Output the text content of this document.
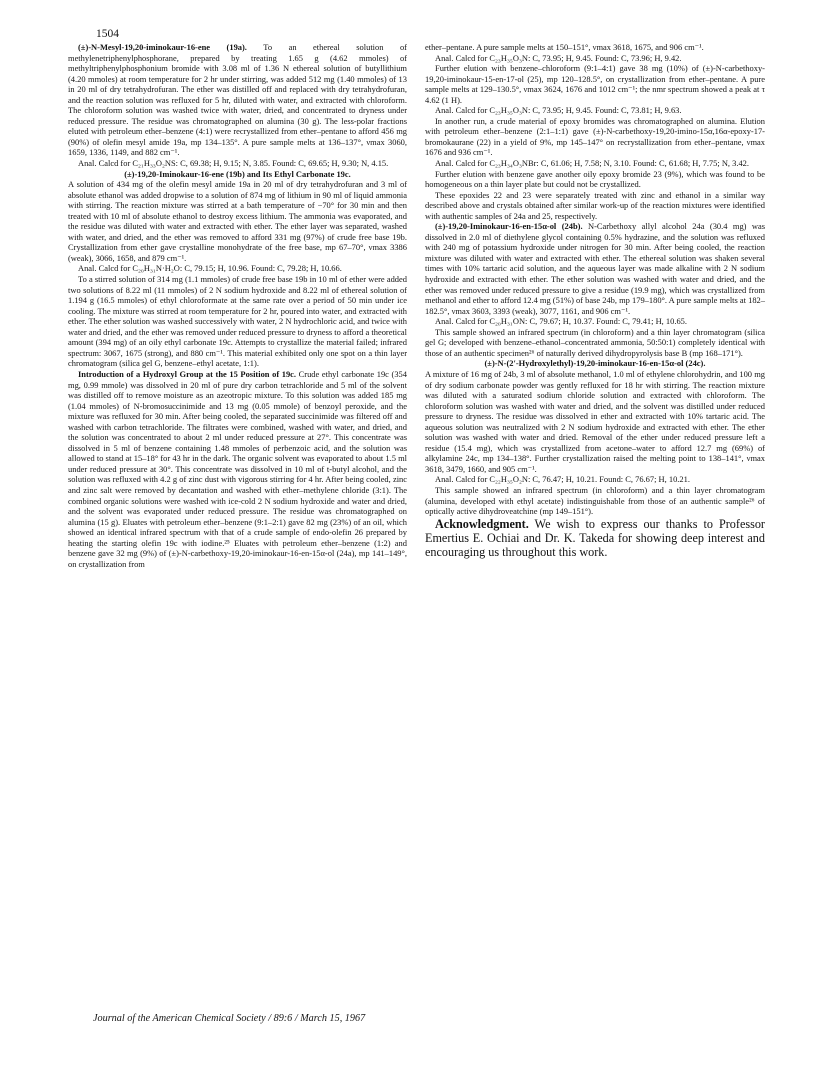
1504

(±)-N-Mesyl-19,20-iminokaur-16-ene (19a). To an ethereal solution of methylenetriphenylphosphorane, prepared by treating 1.65 g (4.62 mmoles) of methyltriphenylphosphonium bromide with 3.08 ml of 1.36 N ethereal solution of butyllithium (4.20 mmoles) at room temperature for 2 hr under stirring, was added 512 mg (1.40 mmoles) of 13 in 20 ml of dry tetrahydrofuran. The ether was distilled off and replaced with dry tetrahydrofuran, and the reaction solution was refluxed for 5 hr, diluted with water, and extracted with chloroform. The chloroform solution was washed twice with water, dried, and concentrated to dryness under reduced pressure. The residue was chromatographed on alumina (30 g). The less-polar fractions eluted with petroleum ether–benzene (4:1) were recrystallized from ether–pentane to afford 456 mg (90%) of olefin mesyl amide 19a, mp 134–135°. A pure sample melts at 136–137°, νmax 3060, 1659, 1336, 1149, and 882 cm⁻¹.

Anal. Calcd for C₂₁H₃₃O₂NS: C, 69.38; H, 9.15; N, 3.85. Found: C, 69.65; H, 9.30; N, 4.15.

(±)-19,20-Iminokaur-16-ene (19b) and Its Ethyl Carbonate 19c.

A solution of 434 mg of the olefin mesyl amide 19a in 20 ml of dry tetrahydrofuran and 3 ml of absolute ethanol was added dropwise to a solution of 874 mg of lithium in 90 ml of liquid ammonia with stirring. The reaction mixture was stirred at a bath temperature of −70° for 30 min and then treated with 10 ml of absolute ethanol to destroy excess lithium. The ammonia was evaporated, and the residue was diluted with water and extracted with ether. The ether layer was separated, washed with water, and dried, and the ether was removed to afford 331 mg (97%) of crude free base 19b. Crystallization from ether gave crystalline monohydrate of the free base, mp 67–70°, νmax 3386 (weak), 3066, 1658, and 879 cm⁻¹.

Anal. Calcd for C₂₀H₃₁N·H₂O: C, 79.15; H, 10.96. Found: C, 79.28; H, 10.66.

To a stirred solution of 314 mg (1.1 mmoles) of crude free base 19b in 10 ml of ether were added two solutions of 8.22 ml (11 mmoles) of 2 N sodium hydroxide and 8.22 ml of ethereal solution of 1.194 g (16.5 mmoles) of ethyl chloroformate at the same rate over a period of 50 min under ice cooling. The mixture was stirred at room temperature for 2 hr, poured into water, and extracted with ether. The ether solution was washed successively with water, 2 N hydrochloric acid, and twice with water and dried, and the ether was removed under reduced pressure to dryness to afford a theoretical amount (394 mg) of an oily ethyl carbonate 19c. Attempts to crystallize the material failed; infrared spectrum: 3067, 1675 (strong), and 880 cm⁻¹. This material exhibited only one spot on a thin layer chromatogram (silica gel G, benzene–ethyl acetate, 1:1).

Introduction of a Hydroxyl Group at the 15 Position of 19c. Crude ethyl carbonate 19c (354 mg, 0.99 mmole) was dissolved in 20 ml of pure dry carbon tetrachloride and 5 ml of the solvent was distilled off to remove moisture as an azeotropic mixture. To this solution was added 185 mg (1.04 mmoles) of N-bromosuccinimide and 13 mg (0.05 mmole) of benzoyl peroxide, and the mixture was refluxed for 30 min. After being cooled, the separated succinimide was filtered off and washed with carbon tetrachloride. The filtrates were combined, washed with water, and dried, and the solution was concentrated to about 2 ml under reduced pressure at 27°. This concentrate was dissolved in 5 ml of benzene containing 1.48 mmoles of perbenzoic acid, and the solution was allowed to stand at 15–18° for 43 hr in the dark. The organic solvent was evaporated to about 1.5 ml under reduced pressure at 30°. This concentrate was dissolved in 10 ml of t-butyl alcohol, and the solution was refluxed with 4.2 g of zinc dust with vigorous stirring for 4 hr. After being cooled, zinc and zinc salt were removed by decantation and washed with ether–methylene chloride (3:1). The combined organic solutions were washed with ice-cold 2 N sodium hydroxide and water and dried, and the solvent was evaporated under reduced pressure. The residue was chromatographed on alumina (15 g). Eluates with petroleum ether–benzene (9:1–2:1) gave 82 mg (23%) of an oil, which showed an identical infrared spectrum with that of a crude sample of endo-olefin 26 prepared by heating the starting olefin 19c with iodine.²⁵ Eluates with petroleum ether–benzene (1:2) and benzene gave 32 mg (9%) of (±)-N-carbethoxy-19,20-iminokaur-16-en-15α-ol (24a), mp 141–149°, on crystallization from

ether–pentane. A pure sample melts at 150–151°, νmax 3618, 1675, and 906 cm⁻¹.

Anal. Calcd for C₂₃H₃₅O₃N: C, 73.95; H, 9.45. Found: C, 73.96; H, 9.42.

Further elution with benzene–chloroform (9:1–4:1) gave 38 mg (10%) of (±)-N-carbethoxy-19,20-iminokaur-15-en-17-ol (25), mp 120–128.5°, on crystallization from ether–pentane. A pure sample melts at 129–130.5°, νmax 3624, 1676 and 1012 cm⁻¹; the nmr spectrum showed a peak at τ 4.62 (1 H).

Anal. Calcd for C₂₃H₃₅O₃N: C, 73.95; H, 9.45. Found: C, 73.81; H, 9.63.

In another run, a crude material of epoxy bromides was chromatographed on alumina. Elution with petroleum ether–benzene (2:1–1:1) gave (±)-N-carbethoxy-19,20-imino-15α,16α-epoxy-17-bromokaurane (22) in a yield of 9%, mp 145–147° on recrystallization from ether–pentane, νmax 1676 and 936 cm⁻¹.

Anal. Calcd for C₂₃H₃₄O₃NBr: C, 61.06; H, 7.58; N, 3.10. Found: C, 61.68; H, 7.75; N, 3.42.

Further elution with benzene gave another oily epoxy bromide 23 (9%), which was found to be homogeneous on a thin layer plate but could not be crystallized.

These epoxides 22 and 23 were separately treated with zinc and ethanol in a similar way described above and crystals obtained after similar work-up of the reaction mixtures were identified with authentic samples of 24a and 25, respectively.

(±)-19,20-Iminokaur-16-en-15α-ol (24b). N-Carbethoxy allyl alcohol 24a (30.4 mg) was dissolved in 2.0 ml of diethylene glycol containing 0.5% hydrazine, and the solution was refluxed with 240 mg of potassium hydroxide under nitrogen for 30 min. After being cooled, the reaction mixture was diluted with water and extracted with ether. The ethereal solution was shaken several times with 10% tartaric acid solution, and the aqueous layer was made alkaline with 2 N sodium hydroxide and extracted with ether. The ether solution was washed with water and dried, and the ether was removed under reduced pressure to give a residue (19.9 mg), which was crystallized from methanol and ether to afford 12.4 mg (51%) of base 24b, mp 179–180°. A pure sample melts at 182–182.5°, νmax 3603, 3393 (weak), 3077, 1161, and 906 cm⁻¹.

Anal. Calcd for C₂₀H₃₁ON: C, 79.67; H, 10.37. Found: C, 79.41; H, 10.65.

This sample showed an infrared spectrum (in chloroform) and a thin layer chromatogram (silica gel G; developed with benzene–ethanol–concentrated ammonia, 50:50:1) completely identical with those of an authentic specimen²⁶ of naturally derived dihydropyrolysis base B (mp 168–171°).

(±)-N-(2′-Hydroxylethyl)-19,20-iminokaur-16-en-15α-ol (24c).

A mixture of 16 mg of 24b, 3 ml of absolute methanol, 1.0 ml of ethylene chlorohydrin, and 100 mg of dry sodium carbonate powder was gently refluxed for 18 hr with stirring. The reaction mixture was diluted with a saturated sodium chloride solution and extracted with chloroform. The chloroform solution was washed with water and dried, and the solvent was distilled under reduced pressure to dryness. The residue was dissolved in ether and extracted with 10% tartaric acid. The aqueous solution was neutralized with 2 N sodium hydroxide and extracted with ether. The ether solution was washed with water and dried. Removal of the ether under reduced pressure left a residue (15.4 mg), which was crystallized from acetone–water to afford 12.7 mg (69%) of alkylamine 24c, mp 134–138°. Further crystallization raised the melting point to 138–141°, νmax 3618, 3479, 1660, and 905 cm⁻¹.

Anal. Calcd for C₂₂H₃₅O₂N: C, 76.47; H, 10.21. Found: C, 76.67; H, 10.21.

This sample showed an infrared spectrum (in chloroform) and a thin layer chromatogram (alumina, developed with ethyl acetate) indistinguishable from those of an authentic sample²⁶ of optically active dihydroveatchine (mp 149–151°).

Acknowledgment. We wish to express our thanks to Professor Emertius E. Ochiai and Dr. K. Takeda for showing deep interest and encouraging us throughout this work.

Journal of the American Chemical Society / 89:6 / March 15, 1967
